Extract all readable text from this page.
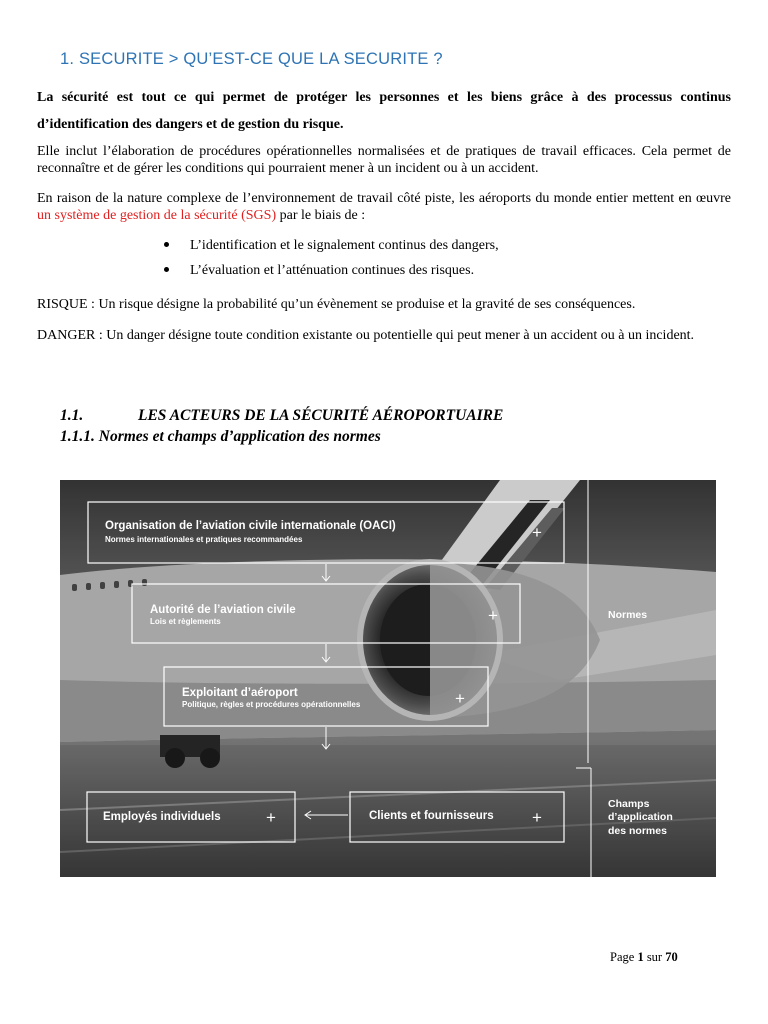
1. SECURITE > QU’EST-CE QUE LA SECURITE ?
La sécurité est tout ce qui permet de protéger les personnes et les biens grâce à des processus continus d’identification des dangers et de gestion du risque.
Elle inclut l’élaboration de procédures opérationnelles normalisées et de pratiques de travail efficaces. Cela permet de reconnaître et de gérer les conditions qui pourraient mener à un incident ou à un accident.
En raison de la nature complexe de l’environnement de travail côté piste, les aéroports du monde entier mettent en œuvre un système de gestion de la sécurité (SGS) par le biais de :
L’identification et le signalement continus des dangers,
L’évaluation et l’atténuation continues des risques.
RISQUE : Un risque désigne la probabilité qu’un évènement se produise et la gravité de ses conséquences.
DANGER : Un danger désigne toute condition existante ou potentielle qui peut mener à un accident ou à un incident.
1.1.	LES ACTEURS DE LA SÉCURITÉ AÉROPORTUAIRE
1.1.1. Normes et champs d’application des normes
Organisation de l’aviation civile internationale (OACI)
Normes internationales et pratiques recommandées	+
Autorité de l’aviation civile
Lois et règlements	+
Exploitant d’aéroport
Politique, règles et procédures opérationnelles	+
Employés individuels	+	Clients et fournisseurs +
Normes
Champs
d’application
des normes
Page 1 sur 70
